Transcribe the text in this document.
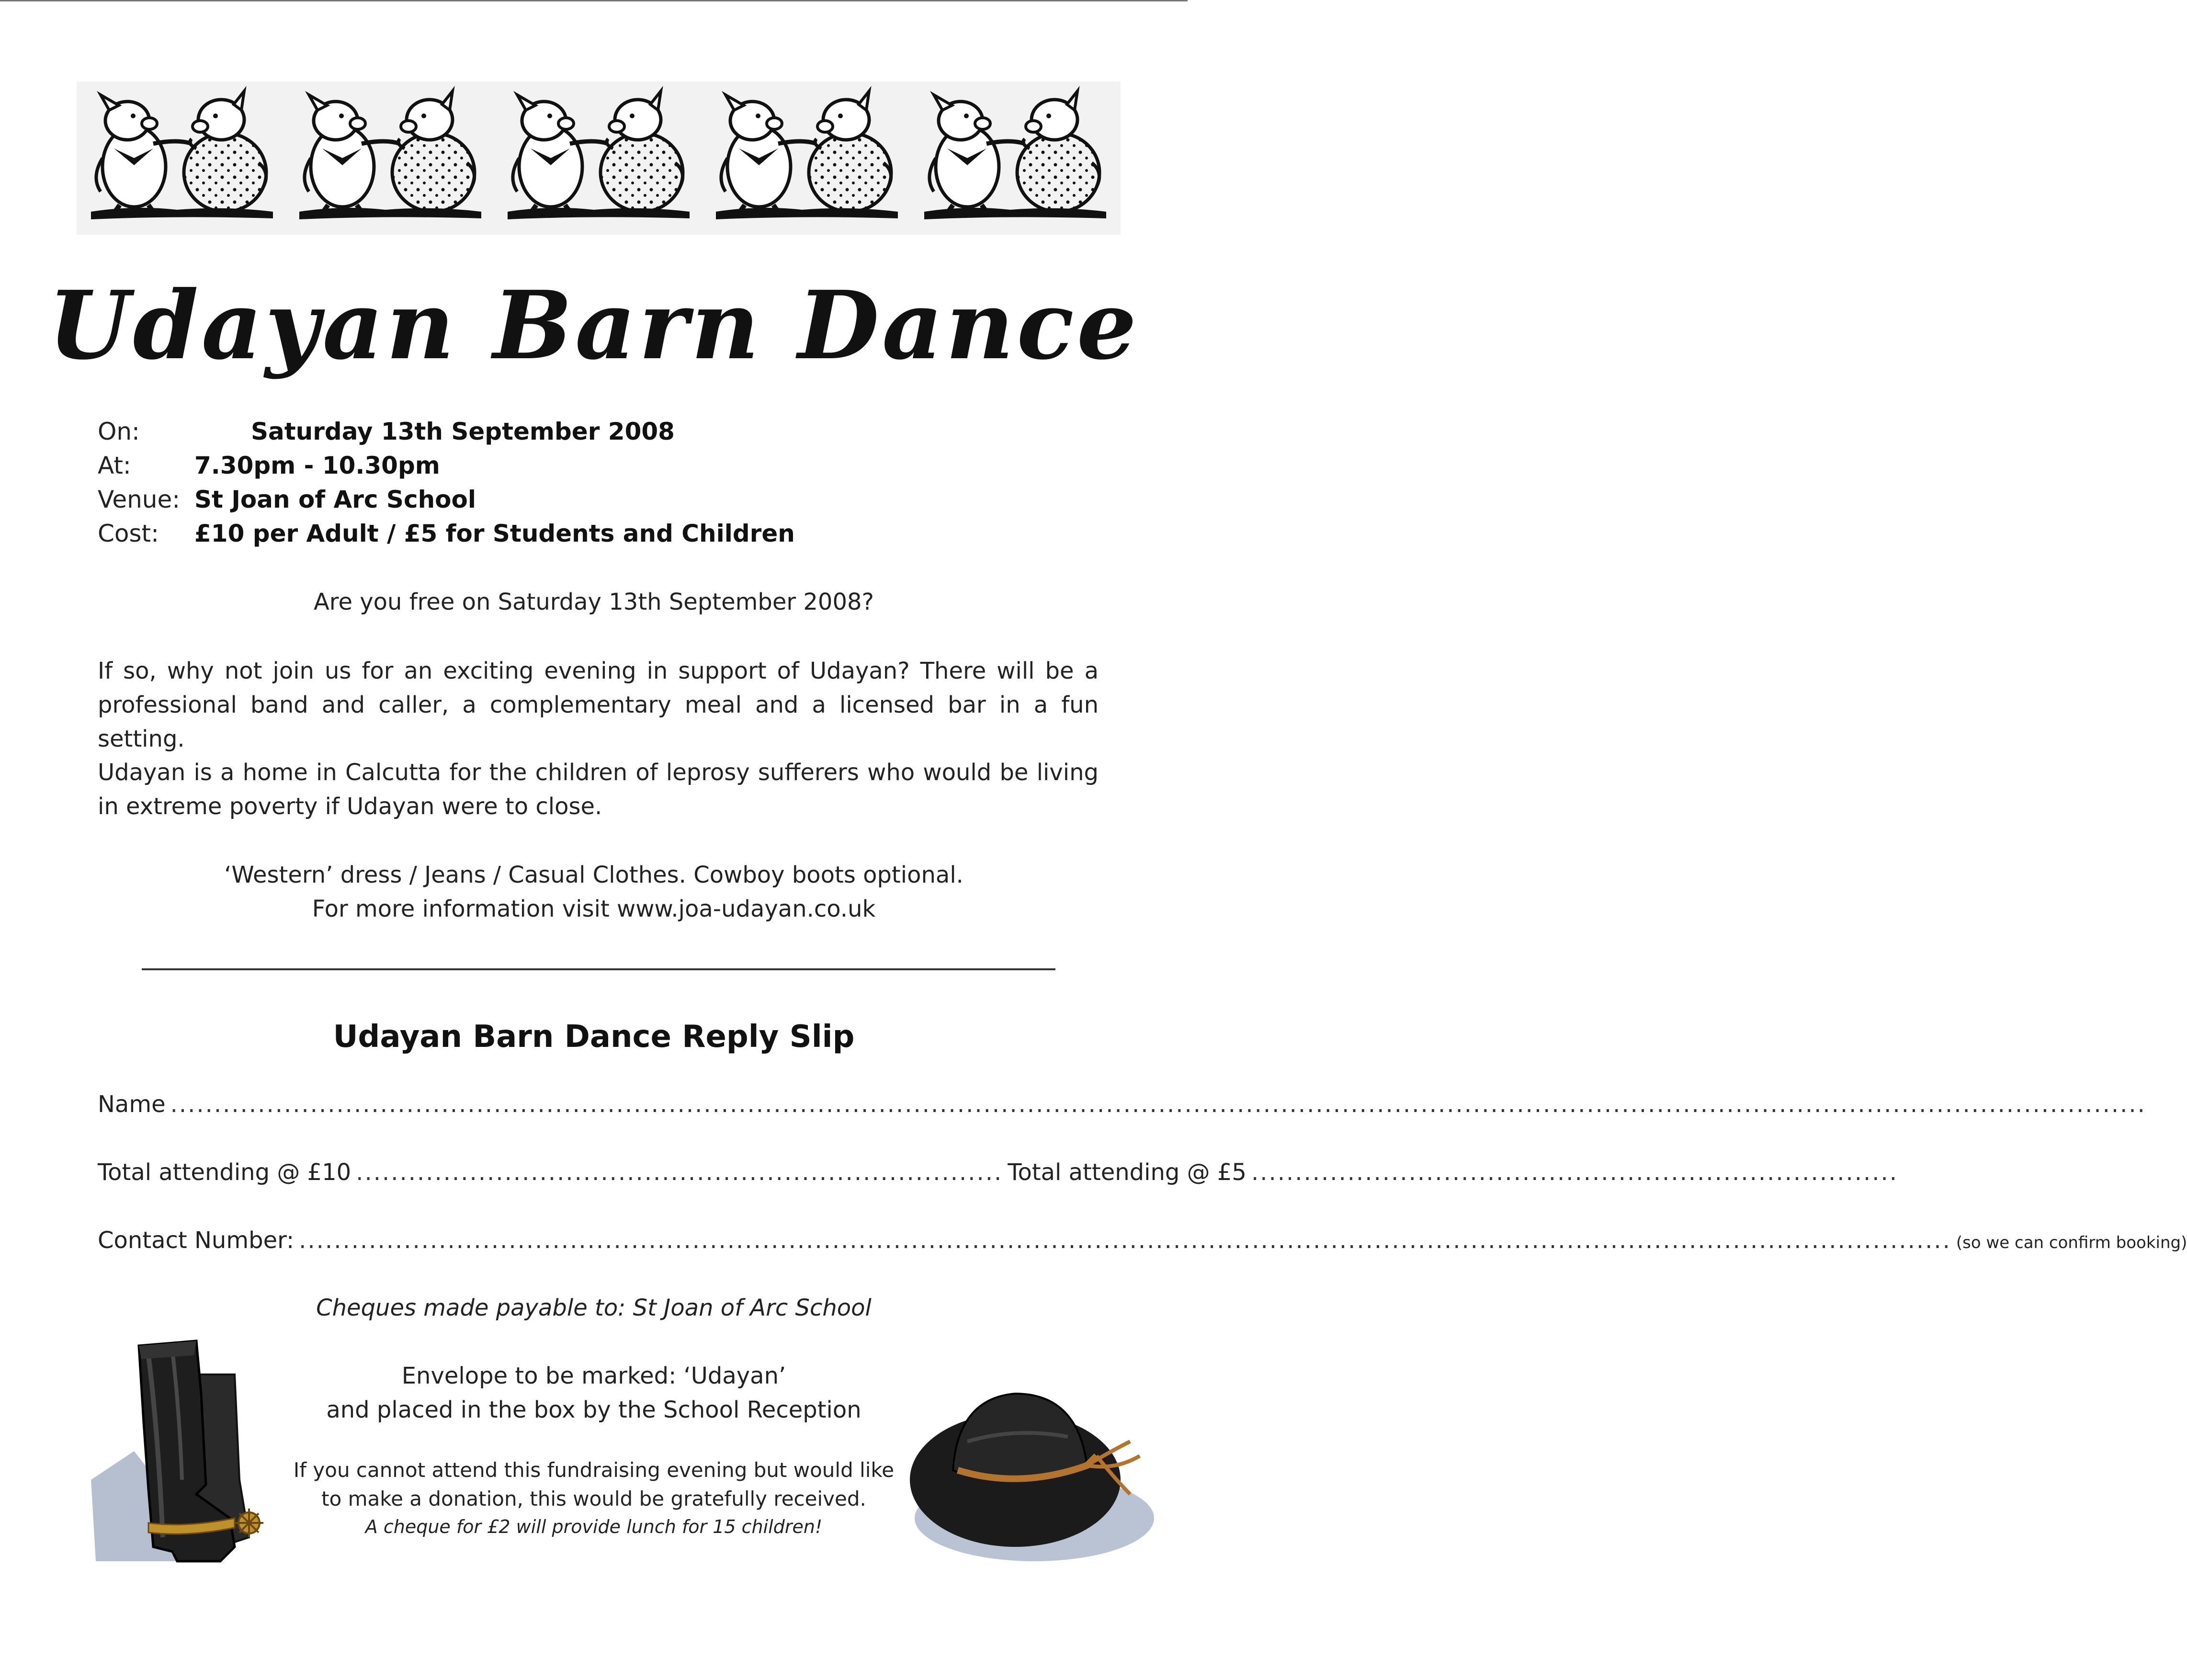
Udayan Barn Dance
On:	Saturday 13th September 2008
At:	7.30pm - 10.30pm
Venue: St Joan of Arc School
Cost: £10 per Adult / £5 for Students and Children
Are you free on Saturday 13th September 2008?
If so, why not join us for an exciting evening in support of Udayan? There will be a professional band and caller, a complementary meal and a licensed bar in a fun setting.
Udayan is a home in Calcutta for the children of leprosy sufferers who would be living in extreme poverty if Udayan were to close.
‘Western’ dress / Jeans / Casual Clothes. Cowboy boots optional.
For more information visit www.joa-udayan.co.uk
Udayan Barn Dance Reply Slip
Name ..................................................................................................................................................................................................................................
Total attending @ £10 .......................................................................... Total attending @ £5 ..........................................................................
Contact Number: ............................................................................................................................................................................................. (so we can confirm booking)
Cheques made payable to: St Joan of Arc School
Envelope to be marked: ‘Udayan’
and placed in the box by the School Reception
If you cannot attend this fundraising evening but would like
to make a donation, this would be gratefully received.
A cheque for £2 will provide lunch for 15 children!
